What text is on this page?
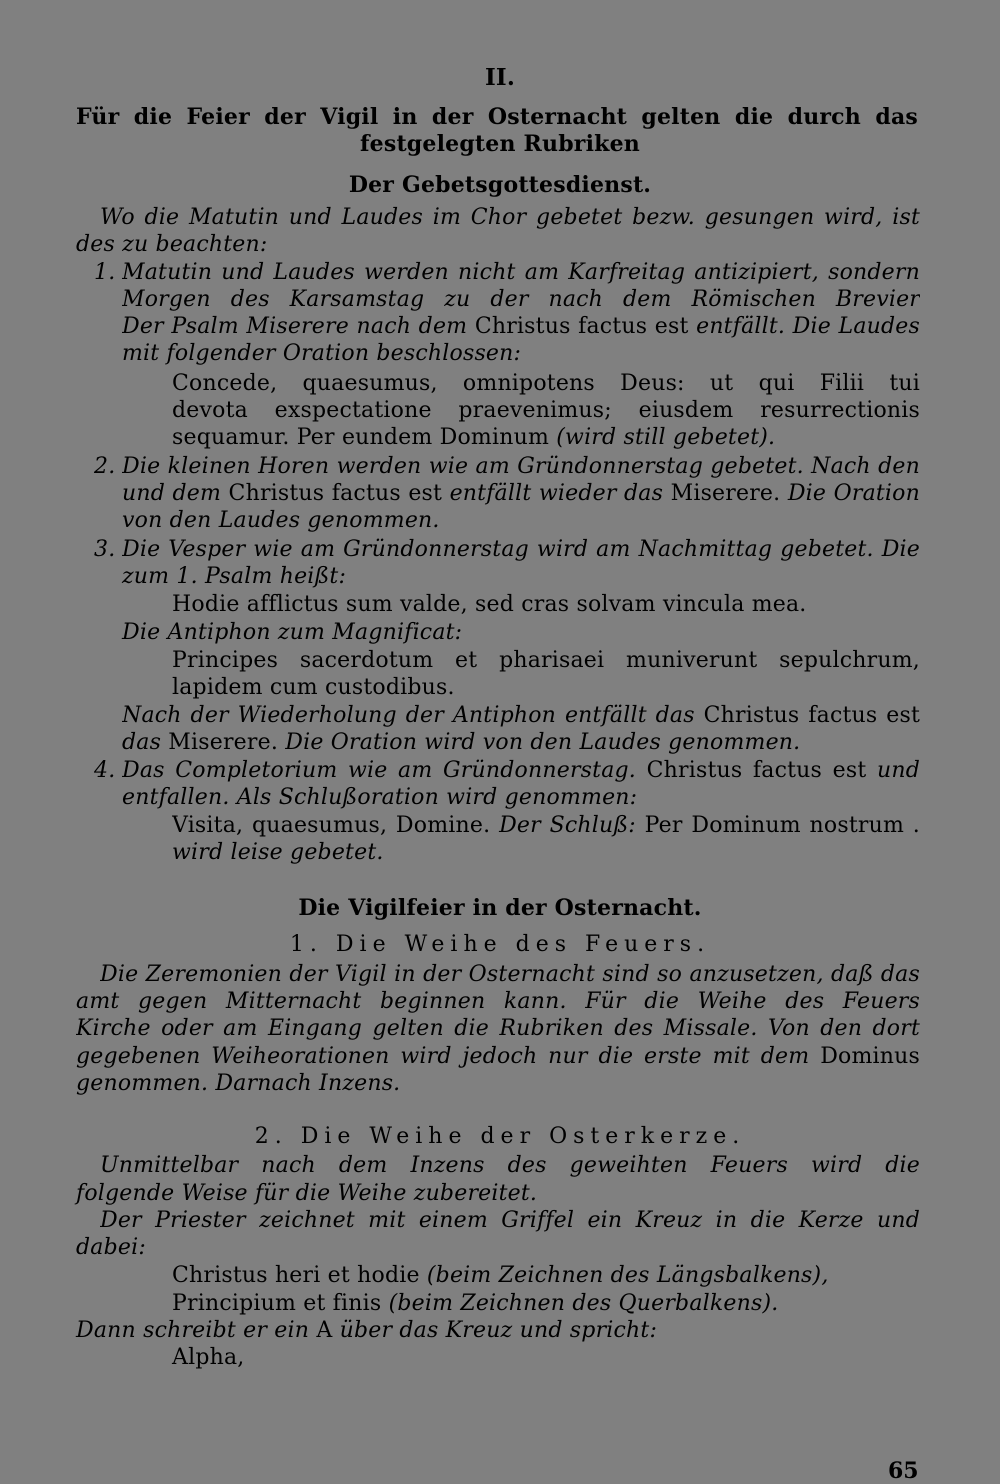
II.
Für die Feier der Vigil in der Osternacht gelten die durch das
festgelegten Rubriken
Der Gebetsgottesdienst.
Wo die Matutin und Laudes im Chor gebetet bezw. gesungen wird, ist
des zu beachten:
1. Matutin und Laudes werden nicht am Karfreitag antizipiert, sondern
Morgen des Karsamstag zu der nach dem Römischen Brevier
Der Psalm Miserere nach dem Christus factus est entfällt. Die Laudes
mit folgender Oration beschlossen:
Concede, quaesumus, omnipotens Deus: ut qui Filii tui
devota exspectatione praevenimus; eiusdem resurrectionis
sequamur. Per eundem Dominum (wird still gebetet).
2. Die kleinen Horen werden wie am Gründonnerstag gebetet. Nach den
und dem Christus factus est entfällt wieder das Miserere. Die Oration
von den Laudes genommen.
3. Die Vesper wie am Gründonnerstag wird am Nachmittag gebetet. Die
zum 1. Psalm heißt:
Hodie afflictus sum valde, sed cras solvam vincula mea.
Die Antiphon zum Magnificat:
Principes sacerdotum et pharisaei muniverunt sepulchrum,
lapidem cum custodibus.
Nach der Wiederholung der Antiphon entfällt das Christus factus est
das Miserere. Die Oration wird von den Laudes genommen.
4. Das Completorium wie am Gründonnerstag. Christus factus est und
entfallen. Als Schlußoration wird genommen:
Visita, quaesumus, Domine. Der Schluß: Per Dominum nostrum .
wird leise gebetet.
Die Vigilfeier in der Osternacht.
1. Die Weihe des Feuers.
Die Zeremonien der Vigil in der Osternacht sind so anzusetzen, daß das
amt gegen Mitternacht beginnen kann. Für die Weihe des Feuers
Kirche oder am Eingang gelten die Rubriken des Missale. Von den dort
gegebenen Weiheorationen wird jedoch nur die erste mit dem Dominus
genommen. Darnach Inzens.
2. Die Weihe der Osterkerze.
Unmittelbar nach dem Inzens des geweihten Feuers wird die
folgende Weise für die Weihe zubereitet.
Der Priester zeichnet mit einem Griffel ein Kreuz in die Kerze und
dabei:
Christus heri et hodie (beim Zeichnen des Längsbalkens),
Principium et finis (beim Zeichnen des Querbalkens).
Dann schreibt er ein A über das Kreuz und spricht:
Alpha,
65
